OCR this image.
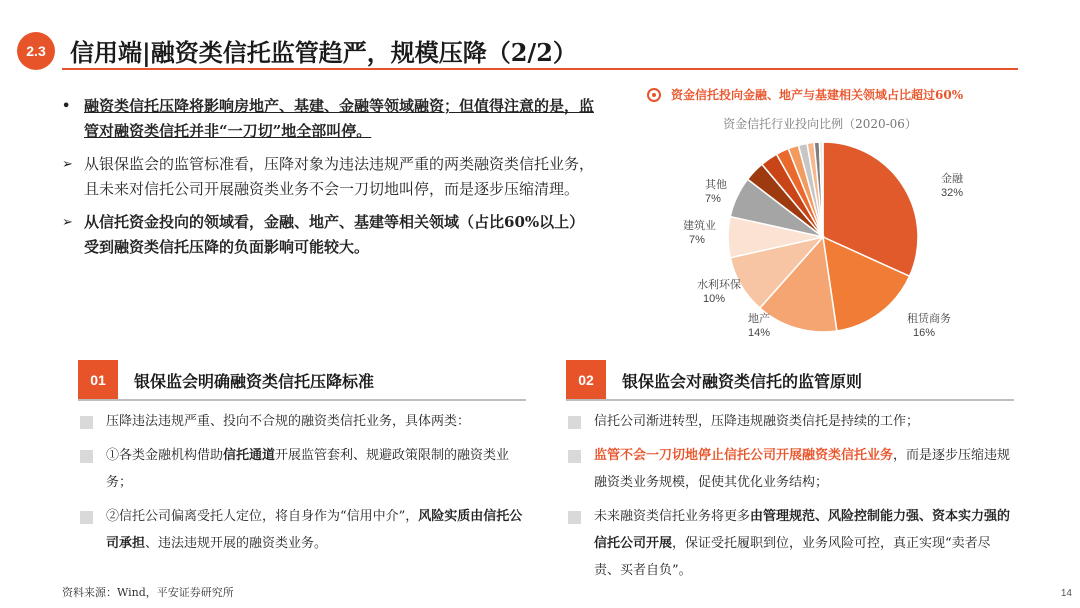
2.3	信用端|融资类信托监管趋严，规模压降（2/2）
• 融资类信托压降将影响房地产、基建、金融等领域融资；但值得注意的是，监管对融资类信托并非“一刀切”地全部叫停。
➢ 从银保监会的监管标准看，压降对象为违法违规严重的两类融资类信托业务，且未来对信托公司开展融资类业务不会一刀切地叫停，而是逐步压缩清理。
➢ 从信托资金投向的领域看，金融、地产、基建等相关领域（占比60%以上）受到融资类信托压降的负面影响可能较大。
资金信托投向金融、地产与基建相关领域占比超过60%
资金信托行业投向比例（2020-06）
金融
32%
租赁商务
16%
地产
14%
水利环保
10%
建筑业
7%
其他
7%
01	银保监会明确融资类信托压降标准
压降违法违规严重、投向不合规的融资类信托业务，具体两类：
①各类金融机构借助信托通道开展监管套利、规避政策限制的融资类业务；
②信托公司偏离受托人定位，将自身作为“信用中介”，风险实质由信托公司承担、违法违规开展的融资类业务。
02	银保监会对融资类信托的监管原则
信托公司渐进转型，压降违规融资类信托是持续的工作；
监管不会一刀切地停止信托公司开展融资类信托业务，而是逐步压缩违规融资类业务规模，促使其优化业务结构；
未来融资类信托业务将更多由管理规范、风险控制能力强、资本实力强的信托公司开展，保证受托履职到位，业务风险可控，真正实现“卖者尽责、买者自负”。
资料来源：Wind，平安证券研究所	14
